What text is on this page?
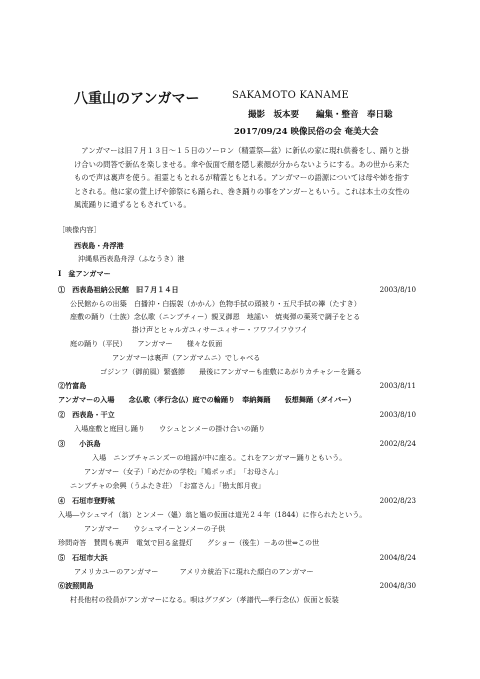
八重山のアンガマー	SAKAMOTO KANAME
撮影　坂本要　　編集・整音　奉日聡
2017/09/24 映像民俗の会 奄美大会

　アンガマーは旧７月１３日～１５日のソーロン（精霊祭―盆）に新仏の家に現れ供養をし、踊りと掛け合いの問答で新仏を楽しませる。傘や仮面で顔を隠し素顔が分からないようにする。あの世から来たもので声は裏声を使う。祖霊ともとれるが精霊ともとれる。アンガマーの語源については母や姉を指すとされる。他に家の萱上げや節祭にも踊られ、巻き踊りの事をアンガーともいう。これは本土の女性の風流踊りに通ずるともされている。

［映像内容］
西表島・舟浮港
沖縄県西表島舟浮（ふなうき）港
Ⅰ　盆アンガマー
①　西表島祖納公民館　旧７月１４日	2003/8/10
公民館からの出築　白播沖・白振袈（かかん）色物手拭の頭被り・五尺手拭の襷（たすき）
座敷の踊り（士族）念仏歌（ニンブチィー）親叉御恩　地謡い　焼夷弾の薬莢で調子をとる
掛け声とヒャルガユィサーユィサー・フワフイフウフイ
庭の踊り（平民）　　アンガマー　　様々な仮面
アンガマーは裏声（アンガマムニ）でしゃべる
ゴジンフ（御前風）繁盛節　　最後にアンガマーも座敷にあがりカチャシーを踊る
②竹富島	2003/8/11
アンガマーの入場　　念仏歌（孝行念仏）庭での輪踊り　奉納舞踊　　仮想舞踊（ダイバー）
②　西表島・干立	2003/8/10
入場座敷と庭回し踊り　　ウシュとンメーの掛け合いの踊り
③　　小浜島	2002/8/24
入場　ニンブチャニンズーの地謡が中に座る。これをアンガマー踊りともいう。
アンガマー（女子）「めだかの学校」「鳩ポッポ」　「お母さん」
ニンブチャの余興（うふたき荘）　「お富さん」「勘太郎月夜」
④　石垣市登野城	2002/8/23
入場―ウシュマイ（翁）とンメー（媼）翁と媼の仮面は道光２４年（1844）に作られたという。
アンガマー　　ウシュマイーとンメーの子供
珍問奇答　賛問も裏声　電気で回る盆提灯　　グショー（後生）－あの世⇔この世
⑤　石垣市大浜	2004/8/24
アメリカユーのアンガマー　　　アメリカ統治下に現れた顔白のアンガマー
⑥波照間島	2004/8/30
村長他村の役員がアンガマーになる。唄はグフダン（孝譜代―孝行念仏）仮面と仮装
